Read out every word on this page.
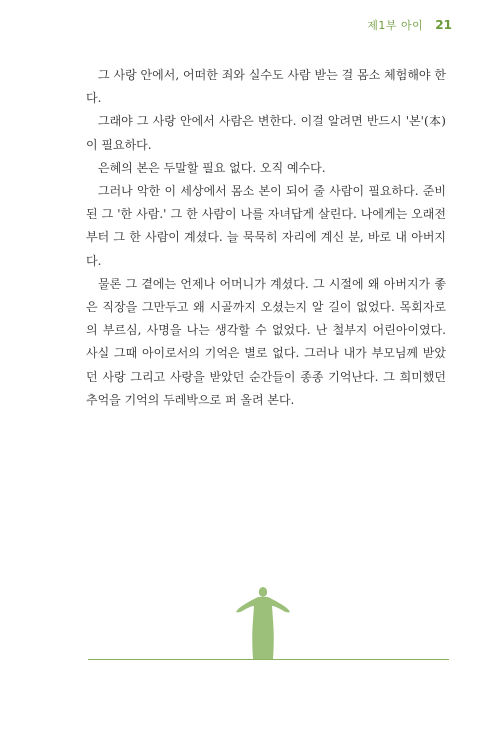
제1부 아이 21

그 사랑 안에서, 어떠한 죄와 실수도 사람 받는 걸 몸소 체험해야 한다.

그래야 그 사랑 안에서 사람은 변한다. 이걸 알려면 반드시 '본'(本)이 필요하다.

은혜의 본은 두말할 필요 없다. 오직 예수다.

그러나 악한 이 세상에서 몸소 본이 되어 줄 사람이 필요하다. 준비된 그 '한 사람.' 그 한 사람이 나를 자녀답게 살린다. 나에게는 오래전부터 그 한 사람이 계셨다. 늘 묵묵히 자리에 계신 분, 바로 내 아버지다.

물론 그 곁에는 언제나 어머니가 계셨다. 그 시절에 왜 아버지가 좋은 직장을 그만두고 왜 시골까지 오셨는지 알 길이 없었다. 목회자로의 부르심, 사명을 나는 생각할 수 없었다. 난 철부지 어린아이였다. 사실 그때 아이로서의 기억은 별로 없다. 그러나 내가 부모님께 받았던 사랑 그리고 사랑을 받았던 순간들이 종종 기억난다. 그 희미했던 추억을 기억의 두레박으로 퍼 올려 본다.
